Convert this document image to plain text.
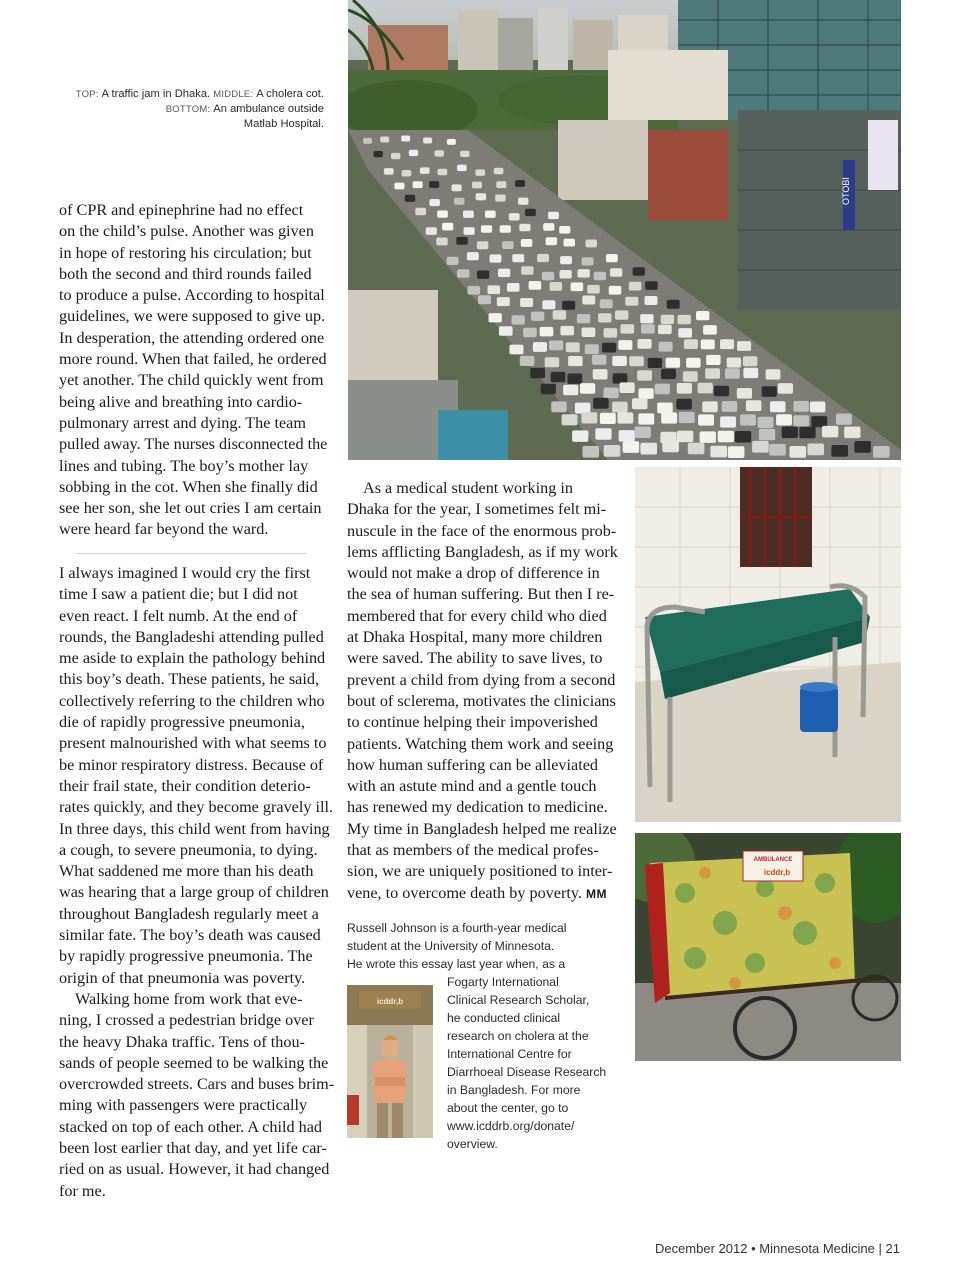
TOP: A traffic jam in Dhaka. MIDDLE: A cholera cot.
BOTTOM: An ambulance outside
Matlab Hospital.
OTOBI
of CPR and epinephrine had no effect
on the child’s pulse. Another was given
in hope of restoring his circulation; but
both the second and third rounds failed
to produce a pulse. According to hospital
guidelines, we were supposed to give up.
In desperation, the attending ordered one
more round. When that failed, he ordered
yet another. The child quickly went from
being alive and breathing into cardio-
pulmonary arrest and dying. The team
pulled away. The nurses disconnected the
lines and tubing. The boy’s mother lay
sobbing in the cot. When she finally did
see her son, she let out cries I am certain
were heard far beyond the ward.
I always imagined I would cry the first
time I saw a patient die; but I did not
even react. I felt numb. At the end of
rounds, the Bangladeshi attending pulled
me aside to explain the pathology behind
this boy’s death. These patients, he said,
collectively referring to the children who
die of rapidly progressive pneumonia,
present malnourished with what seems to
be minor respiratory distress. Because of
their frail state, their condition deterio-
rates quickly, and they become gravely ill.
In three days, this child went from having
a cough, to severe pneumonia, to dying.
What saddened me more than his death
was hearing that a large group of children
throughout Bangladesh regularly meet a
similar fate. The boy’s death was caused
by rapidly progressive pneumonia. The
origin of that pneumonia was poverty.
Walking home from work that eve-
ning, I crossed a pedestrian bridge over
the heavy Dhaka traffic. Tens of thou-
sands of people seemed to be walking the
overcrowded streets. Cars and buses brim-
ming with passengers were practically
stacked on top of each other. A child had
been lost earlier that day, and yet life car-
ried on as usual. However, it had changed
for me.
As a medical student working in
Dhaka for the year, I sometimes felt mi-
nuscule in the face of the enormous prob-
lems afflicting Bangladesh, as if my work
would not make a drop of difference in
the sea of human suffering. But then I re-
membered that for every child who died
at Dhaka Hospital, many more children
were saved. The ability to save lives, to
prevent a child from dying from a second
bout of sclerema, motivates the clinicians
to continue helping their impoverished
patients. Watching them work and seeing
how human suffering can be alleviated
with an astute mind and a gentle touch
has renewed my dedication to medicine.
My time in Bangladesh helped me realize
that as members of the medical profes-
sion, we are uniquely positioned to inter-
vene, to overcome death by poverty. MM
AMBULANCE
icddr,b
icddr,b
Russell Johnson is a fourth-year medical
student at the University of Minnesota.
He wrote this essay last year when, as a
Fogarty International
Clinical Research Scholar,
he conducted clinical
research on cholera at the
International Centre for
Diarrhoeal Disease Research
in Bangladesh. For more
about the center, go to
www.icddrb.org/donate/
overview.
December 2012 • Minnesota Medicine | 21
